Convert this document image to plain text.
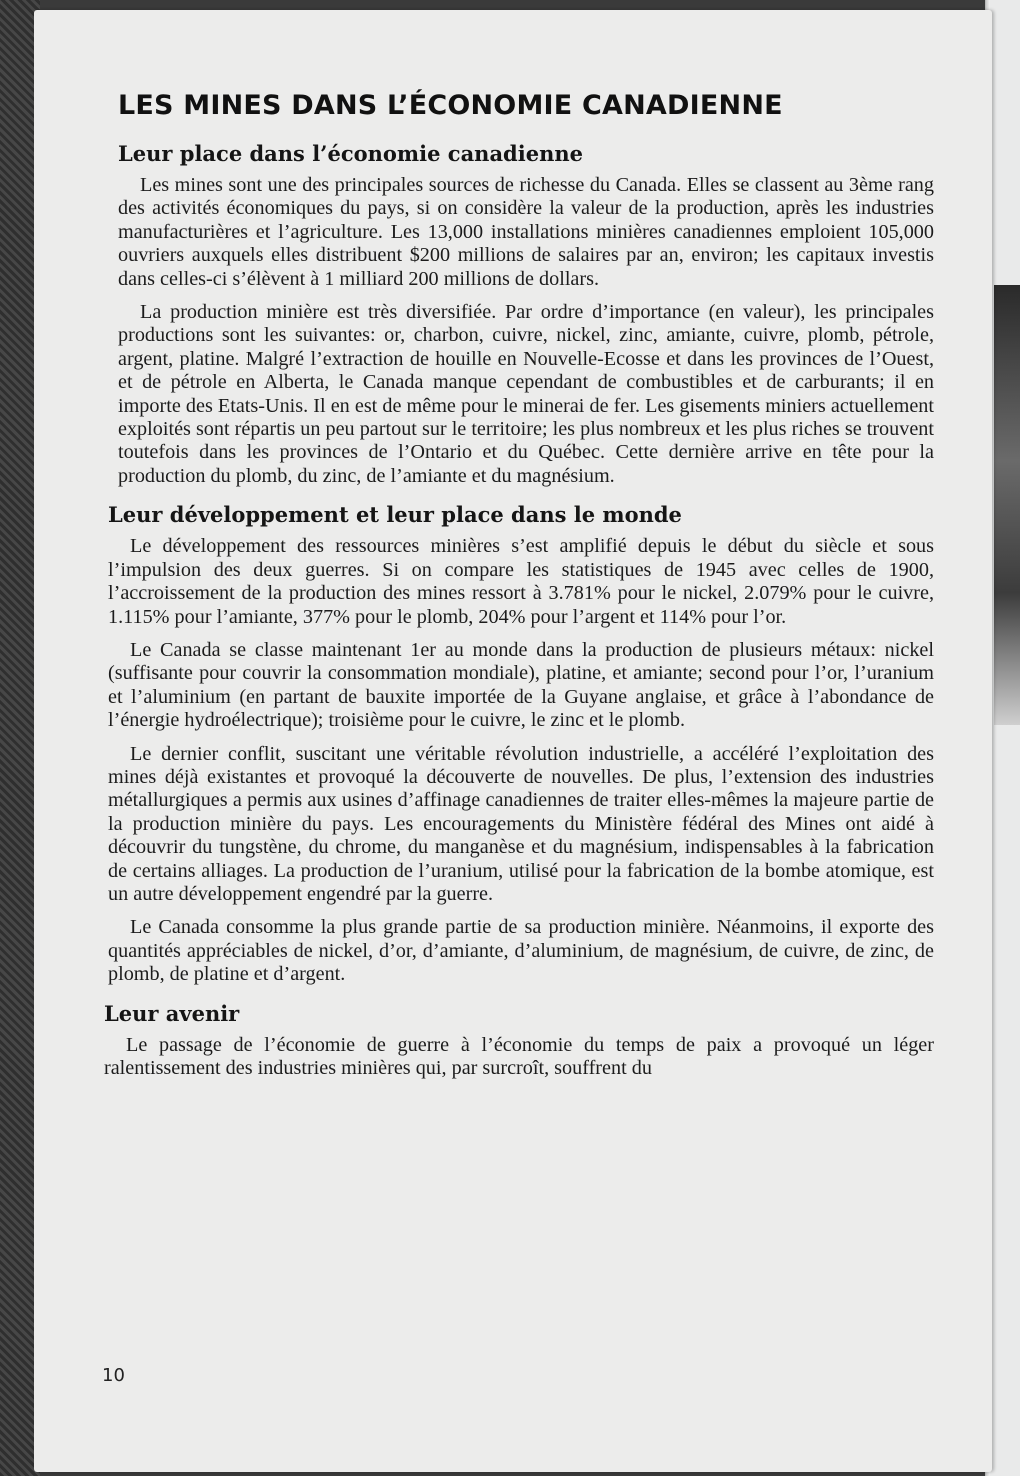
LES MINES DANS L’ÉCONOMIE CANADIENNE
Leur place dans l’économie canadienne

Les mines sont une des principales sources de richesse du Canada. Elles se classent au 3ème rang des activités économiques du pays, si on considère la valeur de la production, après les industries manufacturières et l’agriculture. Les 13,000 installations minières canadiennes emploient 105,000 ouvriers auxquels elles distribuent $200 millions de salaires par an, environ; les capitaux investis dans celles-ci s’élèvent à 1 milliard 200 millions de dollars.

La production minière est très diversifiée. Par ordre d’importance (en valeur), les principales productions sont les suivantes: or, charbon, cuivre, nickel, zinc, amiante, cuivre, plomb, pétrole, argent, platine. Malgré l’extraction de houille en Nouvelle-Ecosse et dans les provinces de l’Ouest, et de pétrole en Alberta, le Canada manque cependant de combustibles et de carburants; il en importe des Etats-Unis. Il en est de même pour le minerai de fer. Les gisements miniers actuellement exploités sont répartis un peu partout sur le territoire; les plus nombreux et les plus riches se trouvent toutefois dans les provinces de l’Ontario et du Québec. Cette dernière arrive en tête pour la production du plomb, du zinc, de l’amiante et du magnésium.

Leur développement et leur place dans le monde

Le développement des ressources minières s’est amplifié depuis le début du siècle et sous l’impulsion des deux guerres. Si on compare les statistiques de 1945 avec celles de 1900, l’accroissement de la production des mines ressort à 3.781% pour le nickel, 2.079% pour le cuivre, 1.115% pour l’amiante, 377% pour le plomb, 204% pour l’argent et 114% pour l’or.

Le Canada se classe maintenant 1er au monde dans la production de plusieurs métaux: nickel (suffisante pour couvrir la consommation mondiale), platine, et amiante; second pour l’or, l’uranium et l’aluminium (en partant de bauxite importée de la Guyane anglaise, et grâce à l’abondance de l’énergie hydroélectrique); troisième pour le cuivre, le zinc et le plomb.

Le dernier conflit, suscitant une véritable révolution industrielle, a accéléré l’exploitation des mines déjà existantes et provoqué la découverte de nouvelles. De plus, l’extension des industries métallurgiques a permis aux usines d’affinage canadiennes de traiter elles-mêmes la majeure partie de la production minière du pays. Les encouragements du Ministère fédéral des Mines ont aidé à découvrir du tungstène, du chrome, du manganèse et du magnésium, indispensables à la fabrication de certains alliages. La production de l’uranium, utilisé pour la fabrication de la bombe atomique, est un autre développement engendré par la guerre.

Le Canada consomme la plus grande partie de sa production minière. Néanmoins, il exporte des quantités appréciables de nickel, d’or, d’amiante, d’aluminium, de magnésium, de cuivre, de zinc, de plomb, de platine et d’argent.

Leur avenir

Le passage de l’économie de guerre à l’économie du temps de paix a provoqué un léger ralentissement des industries minières qui, par surcroît, souffrent du

10
